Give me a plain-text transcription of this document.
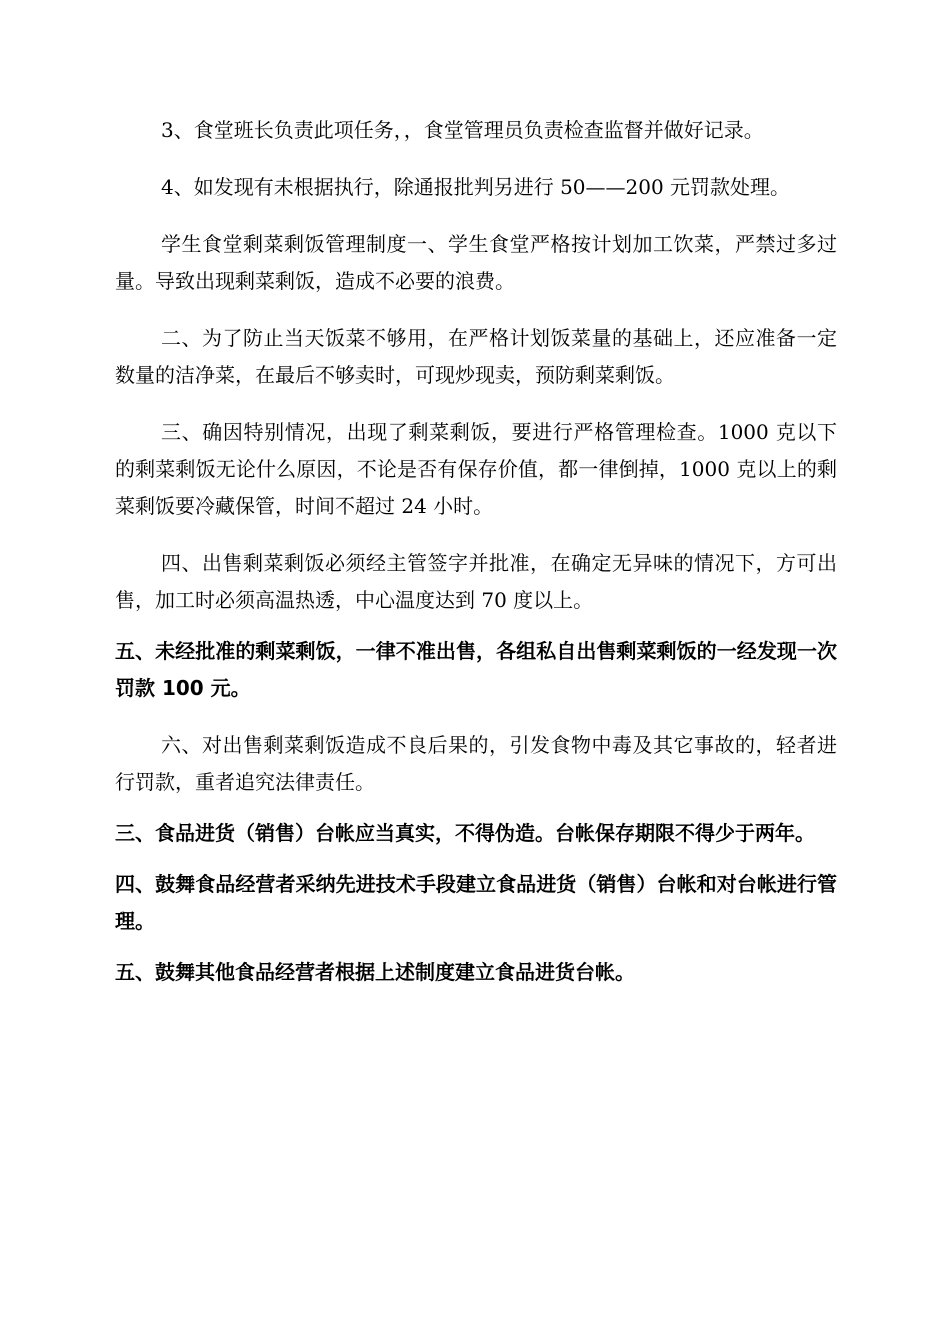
3、食堂班长负责此项任务，，食堂管理员负责检查监督并做好记录。

4、如发现有未根据执行，除通报批判另进行 50——200 元罚款处理。

学生食堂剩菜剩饭管理制度一、学生食堂严格按计划加工饮菜，严禁过多过量。导致出现剩菜剩饭，造成不必要的浪费。

二、为了防止当天饭菜不够用，在严格计划饭菜量的基础上，还应准备一定数量的洁净菜，在最后不够卖时，可现炒现卖，预防剩菜剩饭。

三、确因特别情况，出现了剩菜剩饭，要进行严格管理检查。1000 克以下的剩菜剩饭无论什么原因，不论是否有保存价值，都一律倒掉，1000 克以上的剩菜剩饭要冷藏保管，时间不超过 24 小时。

四、出售剩菜剩饭必须经主管签字并批准，在确定无异味的情况下，方可出售，加工时必须高温热透，中心温度达到 70 度以上。

五、未经批准的剩菜剩饭，一律不准出售，各组私自出售剩菜剩饭的一经发现一次罚款 100 元。

六、对出售剩菜剩饭造成不良后果的，引发食物中毒及其它事故的，轻者进行罚款，重者追究法律责任。

三、食品进货（销售）台帐应当真实，不得伪造。台帐保存期限不得少于两年。

四、鼓舞食品经营者采纳先进技术手段建立食品进货（销售）台帐和对台帐进行管理。

五、鼓舞其他食品经营者根据上述制度建立食品进货台帐。
